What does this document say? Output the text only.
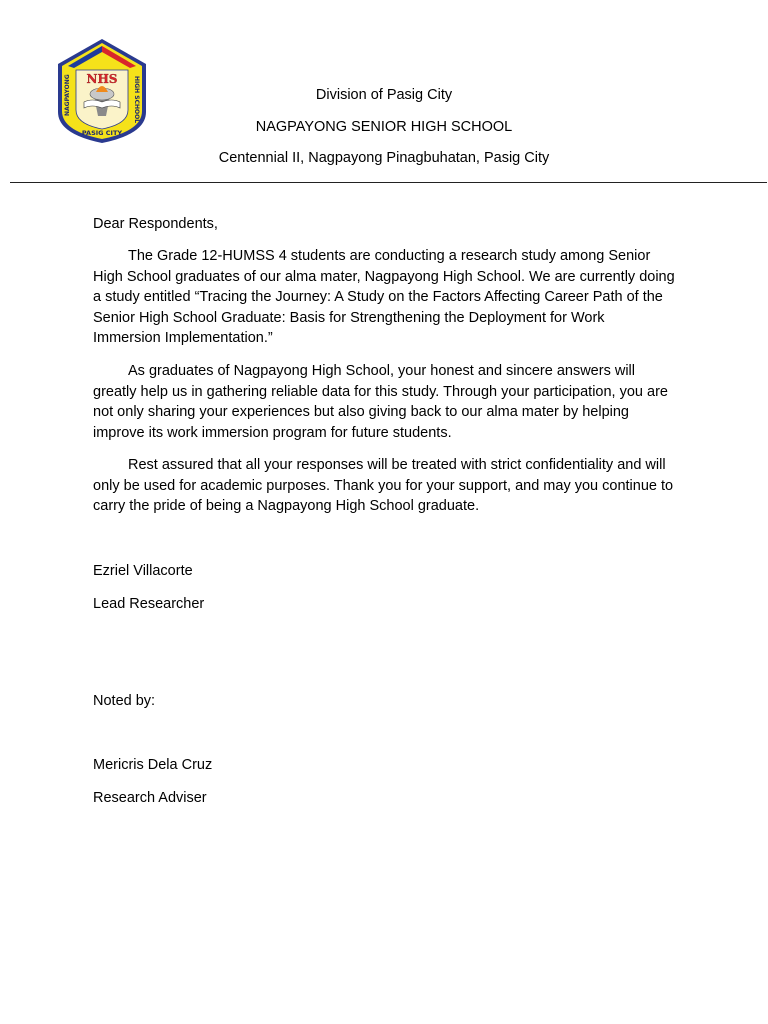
NHS
NAGPAYONG	HIGH SCHOOL
PASIG CITY
Division of Pasig City
NAGPAYONG SENIOR HIGH SCHOOL
Centennial II, Nagpayong Pinagbuhatan, Pasig City
Dear Respondents,
The Grade 12-HUMSS 4 students are conducting a research study among Senior High School graduates of our alma mater, Nagpayong High School. We are currently doing a study entitled “Tracing the Journey: A Study on the Factors Affecting Career Path of the Senior High School Graduate: Basis for Strengthening the Deployment for Work Immersion Implementation.”
As graduates of Nagpayong High School, your honest and sincere answers will greatly help us in gathering reliable data for this study. Through your participation, you are not only sharing your experiences but also giving back to our alma mater by helping improve its work immersion program for future students.
Rest assured that all your responses will be treated with strict confidentiality and will only be used for academic purposes. Thank you for your support, and may you continue to carry the pride of being a Nagpayong High School graduate.
Ezriel Villacorte
Lead Researcher
Noted by:
Mericris Dela Cruz
Research Adviser
